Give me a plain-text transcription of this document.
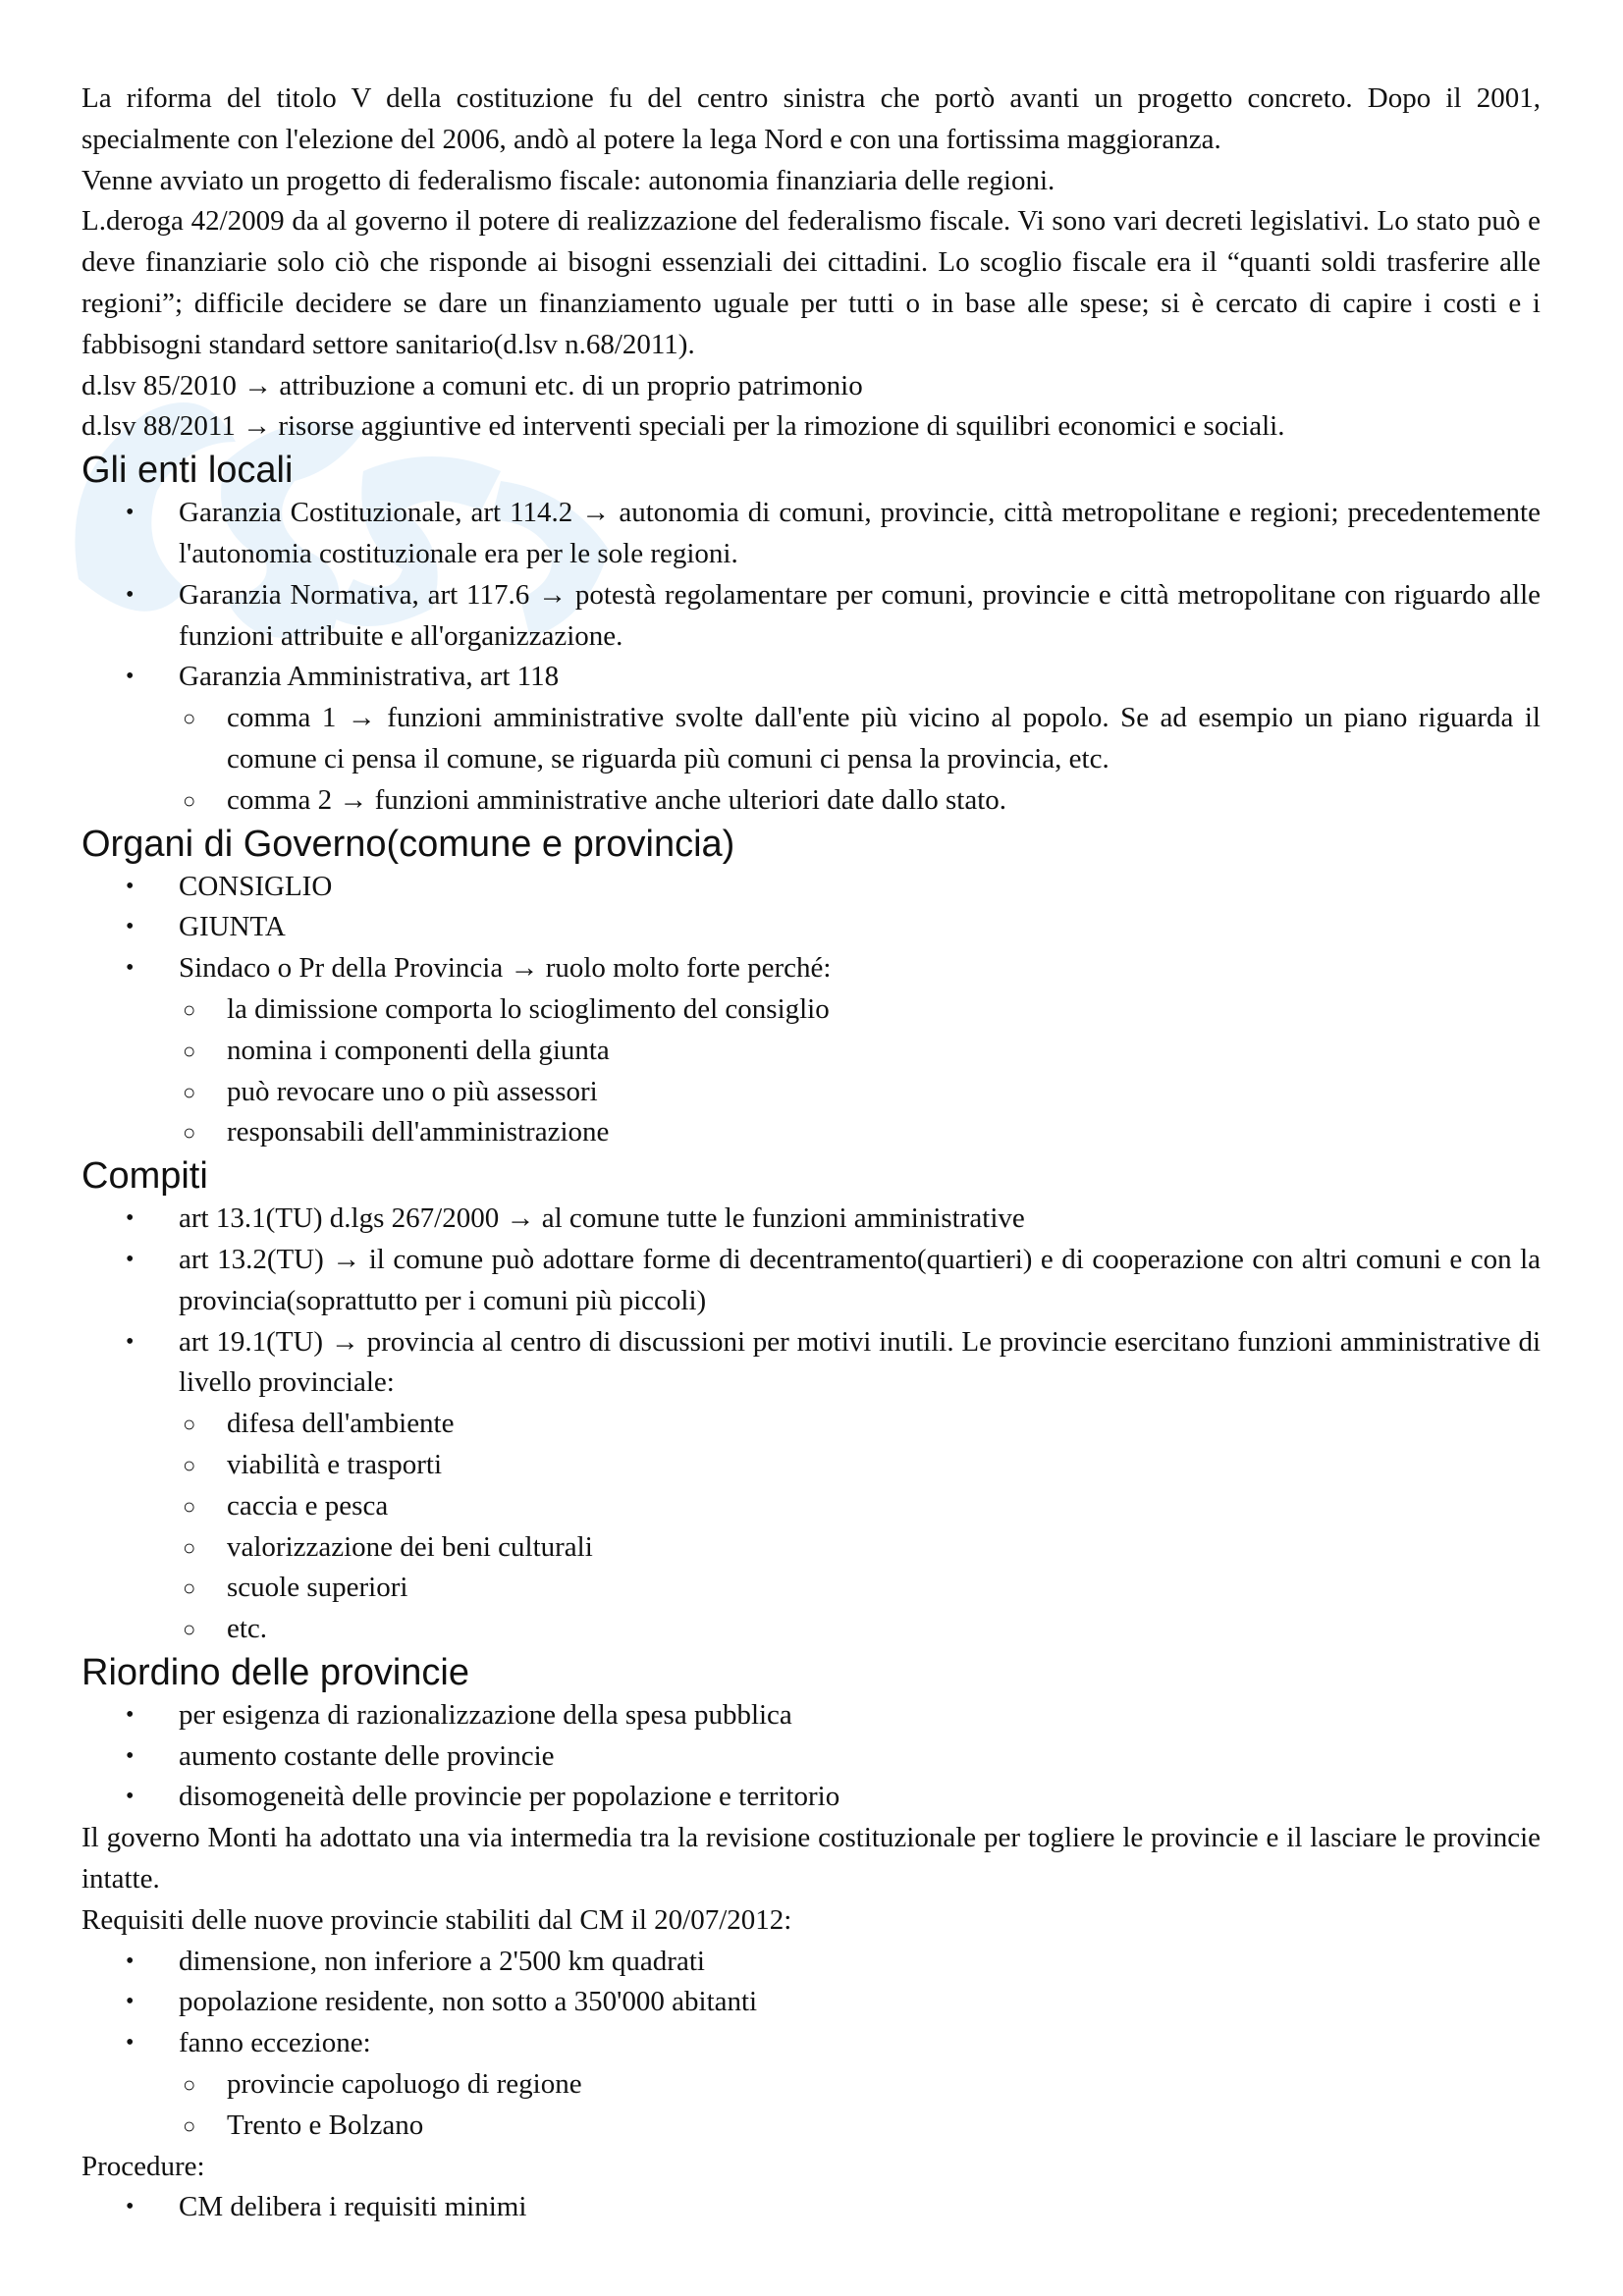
La riforma del titolo V della costituzione fu del centro sinistra che portò avanti un progetto concreto. Dopo il 2001, specialmente con l'elezione del 2006, andò al potere la lega Nord e con una fortissima maggioranza.

Venne avviato un progetto di federalismo fiscale: autonomia finanziaria delle regioni.

L.deroga 42/2009 da al governo il potere di realizzazione del federalismo fiscale. Vi sono vari decreti legislativi. Lo stato può e deve finanziarie solo ciò che risponde ai bisogni essenziali dei cittadini. Lo scoglio fiscale era il “quanti soldi trasferire alle regioni”; difficile decidere se dare un finanziamento uguale per tutti o in base alle spese; si è cercato di capire i costi e i fabbisogni standard settore sanitario(d.lsv n.68/2011).

d.lsv 85/2010 → attribuzione a comuni etc. di un proprio patrimonio

d.lsv 88/2011 → risorse aggiuntive ed interventi speciali per la rimozione di squilibri economici e sociali.

Gli enti locali
• Garanzia Costituzionale, art 114.2 → autonomia di comuni, provincie, città metropolitane e regioni; precedentemente l'autonomia costituzionale era per le sole regioni.
• Garanzia Normativa, art 117.6 → potestà regolamentare per comuni, provincie e città metropolitane con riguardo alle funzioni attribuite e all'organizzazione.
• Garanzia Amministrativa, art 118
○ comma 1 → funzioni amministrative svolte dall'ente più vicino al popolo. Se ad esempio un piano riguarda il comune ci pensa il comune, se riguarda più comuni ci pensa la provincia, etc.
○ comma 2 → funzioni amministrative anche ulteriori date dallo stato.
Organi di Governo(comune e provincia)
• CONSIGLIO
• GIUNTA
• Sindaco o Pr della Provincia → ruolo molto forte perché:
○ la dimissione comporta lo scioglimento del consiglio
○ nomina i componenti della giunta
○ può revocare uno o più assessori
○ responsabili dell'amministrazione
Compiti
• art 13.1(TU) d.lgs 267/2000 → al comune tutte le funzioni amministrative
• art 13.2(TU) → il comune può adottare forme di decentramento(quartieri) e di cooperazione con altri comuni e con la provincia(soprattutto per i comuni più piccoli)
• art 19.1(TU) → provincia al centro di discussioni per motivi inutili. Le provincie esercitano funzioni amministrative di livello provinciale:
○ difesa dell'ambiente
○ viabilità e trasporti
○ caccia e pesca
○ valorizzazione dei beni culturali
○ scuole superiori
○ etc.
Riordino delle provincie
• per esigenza di razionalizzazione della spesa pubblica
• aumento costante delle provincie
• disomogeneità delle provincie per popolazione e territorio

Il governo Monti ha adottato una via intermedia tra la revisione costituzionale per togliere le provincie e il lasciare le provincie intatte.

Requisiti delle nuove provincie stabiliti dal CM il 20/07/2012:

• dimensione, non inferiore a 2'500 km quadrati
• popolazione residente, non sotto a 350'000 abitanti
• fanno eccezione:
○ provincie capoluogo di regione
○ Trento e Bolzano

Procedure:

• CM delibera i requisiti minimi
